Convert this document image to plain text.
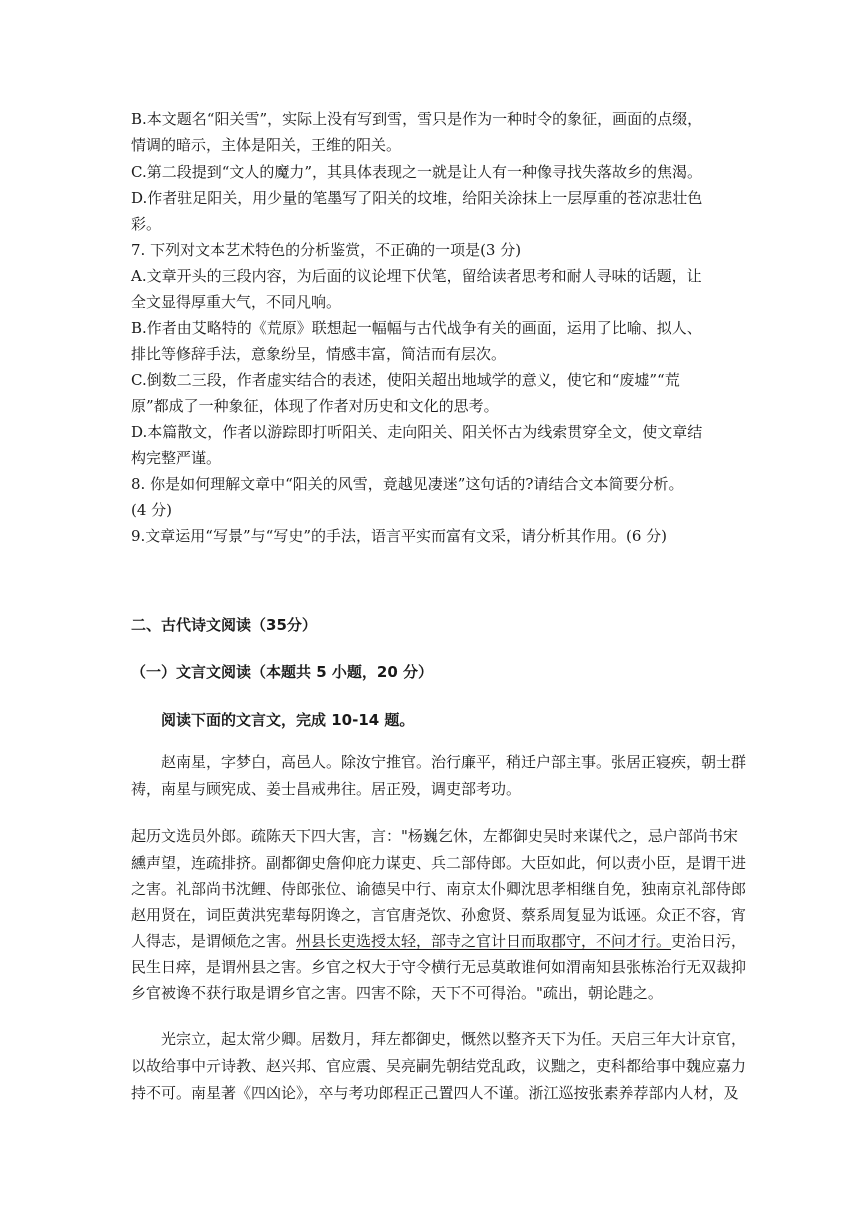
B.本文题名“阳关雪”，实际上没有写到雪，雪只是作为一种时令的象征，画面的点缀，
情调的暗示，主体是阳关，王维的阳关。
C.第二段提到“文人的魔力”，其具体表现之一就是让人有一种像寻找失落故乡的焦渴。
D.作者驻足阳关，用少量的笔墨写了阳关的坟堆，给阳关涂抹上一层厚重的苍凉悲壮色
彩。
7. 下列对文本艺术特色的分析鉴赏，不正确的一项是(3 分)
A.文章开头的三段内容，为后面的议论埋下伏笔，留给读者思考和耐人寻味的话题，让
全文显得厚重大气，不同凡响。
B.作者由艾略特的《荒原》联想起一幅幅与古代战争有关的画面，运用了比喻、拟人、
排比等修辞手法，意象纷呈，情感丰富，简洁而有层次。
C.倒数二三段，作者虚实结合的表述，使阳关超出地域学的意义，使它和“废墟”“荒
原”都成了一种象征，体现了作者对历史和文化的思考。
D.本篇散文，作者以游踪即打听阳关、走向阳关、阳关怀古为线索贯穿全文，使文章结
构完整严谨。
8. 你是如何理解文章中“阳关的风雪，竟越见凄迷”这句话的?请结合文本简要分析。
(4 分)
9.文章运用“写景”与“写史”的手法，语言平实而富有文采，请分析其作用。(6 分)
二、古代诗文阅读（35分）
（一）文言文阅读（本题共 5 小题，20 分）
阅读下面的文言文，完成 10-14 题。
赵南星，字梦白，高邑人。除汝宁推官。治行廉平，稍迁户部主事。张居正寝疾，朝士群
祷，南星与顾宪成、姜士昌戒弗往。居正殁，调吏部考功。
起历文选员外郎。疏陈天下四大害，言："杨巍乞休，左都御史吴时来谋代之，忌户部尚书宋
纁声望，连疏排挤。副都御史詹仰庇力谋吏、兵二部侍郎。大臣如此，何以责小臣，是谓干进
之害。礼部尚书沈鲤、侍郎张位、谕德吴中行、南京太仆卿沈思孝相继自免，独南京礼部侍郎
赵用贤在，词臣黄洪宪辈每阴谗之，言官唐尧饮、孙愈贤、蔡系周复显为诋诬。众正不容，宵
人得志，是谓倾危之害。州县长吏选授太轻，部寺之官计日而取郡守，不问才行。吏治日污，
民生日瘁，是谓州县之害。乡官之权大于守令横行无忌莫敢谁何如渭南知县张栋治行无双裁抑
乡官被谗不获行取是谓乡官之害。四害不除，天下不可得治。"疏出，朝论韪之。
光宗立，起太常少卿。居数月，拜左都御史，慨然以整齐天下为任。天启三年大计京官，
以故给事中亓诗教、赵兴邦、官应震、吴亮嗣先朝结党乱政，议黜之，吏科都给事中魏应嘉力
持不可。南星著《四凶论》，卒与考功郎程正己置四人不谨。浙江巡按张素养荐部内人材，及
